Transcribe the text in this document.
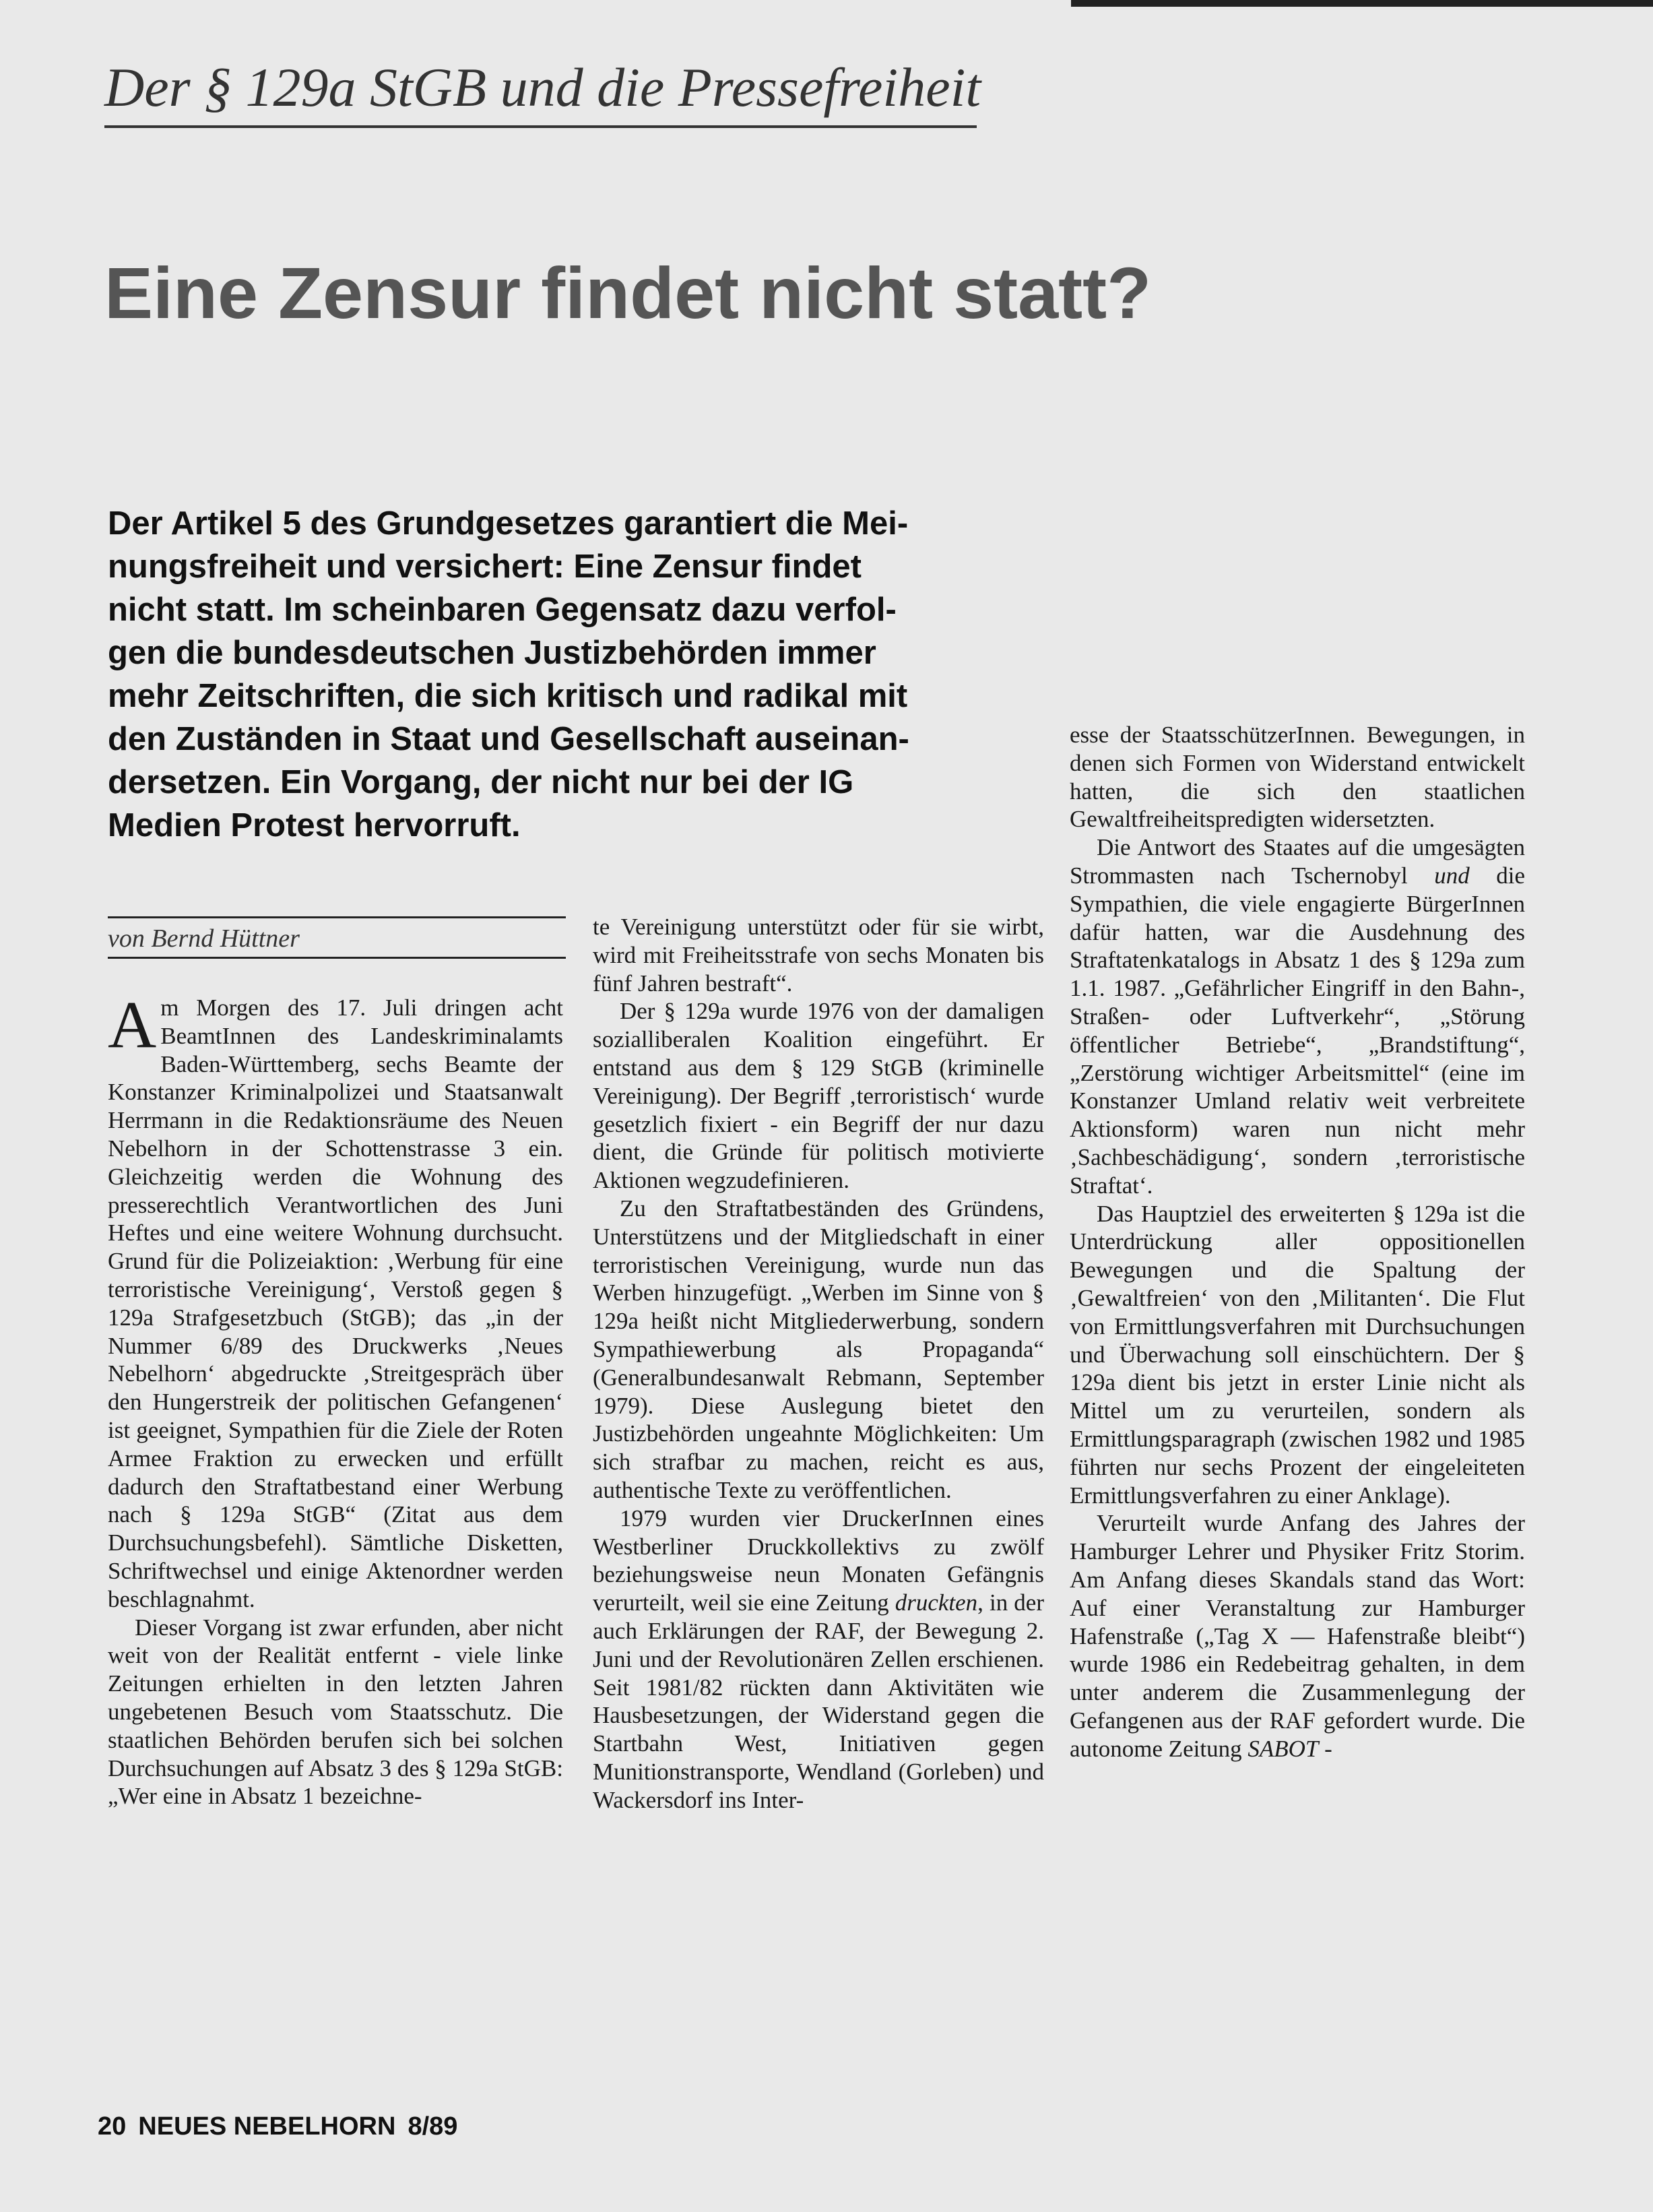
Der § 129a StGB und die Pressefreiheit
Eine Zensur findet nicht statt?
Der Artikel 5 des Grundgesetzes garantiert die Mei-
nungsfreiheit und versichert: Eine Zensur findet
nicht statt. Im scheinbaren Gegensatz dazu verfol-
gen die bundesdeutschen Justizbehörden immer
mehr Zeitschriften, die sich kritisch und radikal mit
den Zuständen in Staat und Gesellschaft auseinan-
dersetzen. Ein Vorgang, der nicht nur bei der IG
Medien Protest hervorruft.
von Bernd Hüttner

Am Morgen des 17. Juli dringen acht BeamtInnen des Landeskriminalamts Baden-Württemberg, sechs Beamte der Konstanzer Kriminalpolizei und Staatsanwalt Herrmann in die Redaktionsräume des Neuen Nebelhorn in der Schottenstrasse 3 ein. Gleichzeitig werden die Wohnung des presserechtlich Verantwortlichen des Juni Heftes und eine weitere Wohnung durchsucht. Grund für die Polizeiaktion: ‚Werbung für eine terroristische Vereinigung‘, Verstoß gegen § 129a Strafgesetzbuch (StGB); das „in der Nummer 6/89 des Druckwerks ‚Neues Nebelhorn‘ abgedruckte ‚Streitgespräch über den Hungerstreik der politischen Gefangenen‘ ist geeignet, Sympathien für die Ziele der Roten Armee Fraktion zu erwecken und erfüllt dadurch den Straftatbestand einer Werbung nach § 129a StGB“ (Zitat aus dem Durchsuchungsbefehl). Sämtliche Disketten, Schriftwechsel und einige Aktenordner werden beschlagnahmt.

Dieser Vorgang ist zwar erfunden, aber nicht weit von der Realität entfernt - viele linke Zeitungen erhielten in den letzten Jahren ungebetenen Besuch vom Staatsschutz. Die staatlichen Behörden berufen sich bei solchen Durchsuchungen auf Absatz 3 des § 129a StGB: „Wer eine in Absatz 1 bezeichne-

te Vereinigung unterstützt oder für sie wirbt, wird mit Freiheitsstrafe von sechs Monaten bis fünf Jahren bestraft“.

Der § 129a wurde 1976 von der damaligen sozialliberalen Koalition eingeführt. Er entstand aus dem § 129 StGB (kriminelle Vereinigung). Der Begriff ‚terroristisch‘ wurde gesetzlich fixiert - ein Begriff der nur dazu dient, die Gründe für politisch motivierte Aktionen wegzudefinieren.

Zu den Straftatbeständen des Gründens, Unterstützens und der Mitgliedschaft in einer terroristischen Vereinigung, wurde nun das Werben hinzugefügt. „Werben im Sinne von § 129a heißt nicht Mitgliederwerbung, sondern Sympathiewerbung als Propaganda“ (Generalbundesanwalt Rebmann, September 1979). Diese Auslegung bietet den Justizbehörden ungeahnte Möglichkeiten: Um sich strafbar zu machen, reicht es aus, authentische Texte zu veröffentlichen.

1979 wurden vier DruckerInnen eines Westberliner Druckkollektivs zu zwölf beziehungsweise neun Monaten Gefängnis verurteilt, weil sie eine Zeitung druckten, in der auch Erklärungen der RAF, der Bewegung 2. Juni und der Revolutionären Zellen erschienen. Seit 1981/82 rückten dann Aktivitäten wie Hausbesetzungen, der Widerstand gegen die Startbahn West, Initiativen gegen Munitionstransporte, Wendland (Gorleben) und Wackersdorf ins Inter-

esse der StaatsschützerInnen. Bewegungen, in denen sich Formen von Widerstand entwickelt hatten, die sich den staatlichen Gewaltfreiheitspredigten widersetzten.

Die Antwort des Staates auf die umgesägten Strommasten nach Tschernobyl und die Sympathien, die viele engagierte BürgerInnen dafür hatten, war die Ausdehnung des Straftatenkatalogs in Absatz 1 des § 129a zum 1.1. 1987. „Gefährlicher Eingriff in den Bahn-, Straßen- oder Luftverkehr“, „Störung öffentlicher Betriebe“, „Brandstiftung“, „Zerstörung wichtiger Arbeitsmittel“ (eine im Konstanzer Umland relativ weit verbreitete Aktionsform) waren nun nicht mehr ‚Sachbeschädigung‘, sondern ‚terroristische Straftat‘.

Das Hauptziel des erweiterten § 129a ist die Unterdrückung aller oppositionellen Bewegungen und die Spaltung der ‚Gewaltfreien‘ von den ‚Militanten‘. Die Flut von Ermittlungsverfahren mit Durchsuchungen und Überwachung soll einschüchtern. Der § 129a dient bis jetzt in erster Linie nicht als Mittel um zu verurteilen, sondern als Ermittlungsparagraph (zwischen 1982 und 1985 führten nur sechs Prozent der eingeleiteten Ermittlungsverfahren zu einer Anklage).

Verurteilt wurde Anfang des Jahres der Hamburger Lehrer und Physiker Fritz Storim. Am Anfang dieses Skandals stand das Wort: Auf einer Veranstaltung zur Hamburger Hafenstraße („Tag X — Hafenstraße bleibt“) wurde 1986 ein Redebeitrag gehalten, in dem unter anderem die Zusammenlegung der Gefangenen aus der RAF gefordert wurde. Die autonome Zeitung SABOT -

20 NEUES NEBELHORN 8/89
